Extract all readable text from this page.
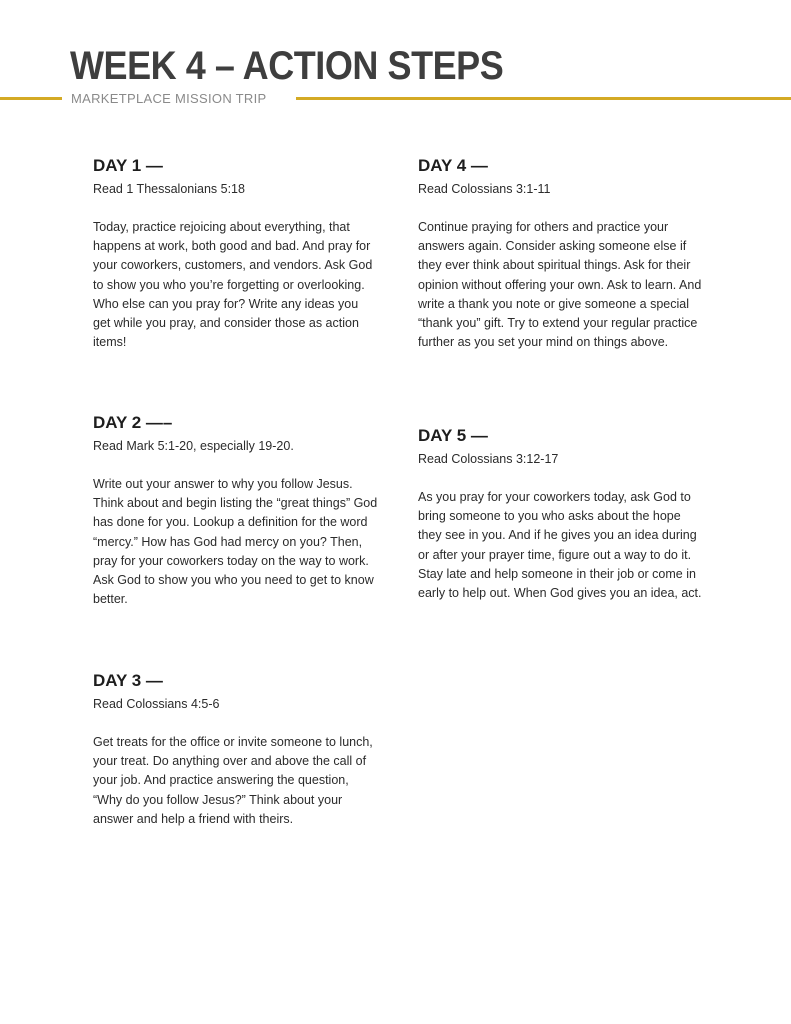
WEEK 4 – ACTION STEPS
MARKETPLACE MISSION TRIP
DAY 1 —
Read 1 Thessalonians 5:18

Today, practice rejoicing about everything, that happens at work, both good and bad. And pray for your coworkers, customers, and vendors. Ask God to show you who you’re forgetting or overlooking. Who else can you pray for? Write any ideas you get while you pray, and consider those as action items!

DAY 2 —–
Read Mark 5:1-20, especially 19-20.

Write out your answer to why you follow Jesus. Think about and begin listing the “great things” God has done for you. Lookup a definition for the word “mercy.” How has God had mercy on you? Then, pray for your coworkers today on the way to work. Ask God to show you who you need to get to know better.

DAY 3 —
Read Colossians 4:5-6

Get treats for the office or invite someone to lunch, your treat. Do anything over and above the call of your job. And practice answering the question, “Why do you follow Jesus?” Think about your answer and help a friend with theirs.

DAY 4 —
Read Colossians 3:1-11

Continue praying for others and practice your answers again. Consider asking someone else if they ever think about spiritual things. Ask for their opinion without offering your own. Ask to learn. And write a thank you note or give someone a special “thank you” gift. Try to extend your regular practice further as you set your mind on things above.

DAY 5 —
Read Colossians 3:12-17

As you pray for your coworkers today, ask God to bring someone to you who asks about the hope they see in you. And if he gives you an idea during or after your prayer time, figure out a way to do it. Stay late and help someone in their job or come in early to help out. When God gives you an idea, act.
